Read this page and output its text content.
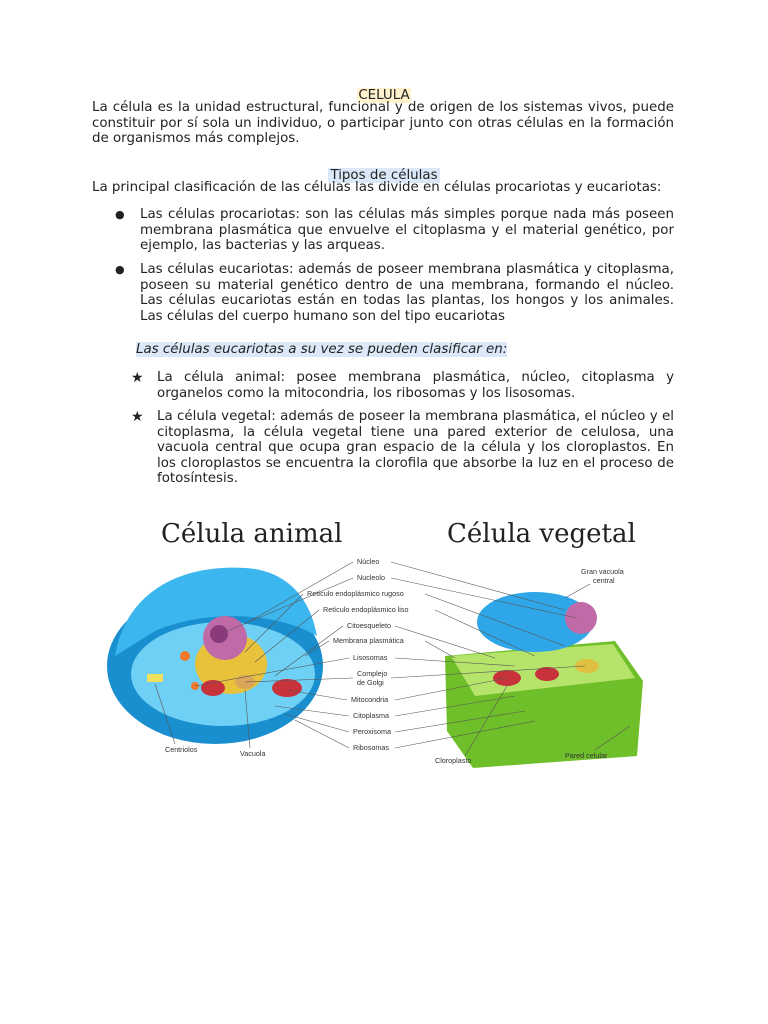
CELULA
La célula es la unidad estructural, funcional y de origen de los sistemas vivos, puede constituir por sí sola un individuo, o participar junto con otras células en la formación de organismos más complejos.
Tipos de células
La principal clasificación de las células las divide en células procariotas y eucariotas:
● Las células procariotas: son las células más simples porque nada más poseen membrana plasmática que envuelve el citoplasma y el material genético, por ejemplo, las bacterias y las arqueas.
● Las células eucariotas: además de poseer membrana plasmática y citoplasma, poseen su material genético dentro de una membrana, formando el núcleo. Las células eucariotas están en todas las plantas, los hongos y los animales. Las células del cuerpo humano son del tipo eucariotas
Las células eucariotas a su vez se pueden clasificar en:
★ La célula animal: posee membrana plasmática, núcleo, citoplasma y organelos como la mitocondria, los ribosomas y los lisosomas.
★ La célula vegetal: además de poseer la membrana plasmática, el núcleo y el citoplasma, la célula vegetal tiene una pared exterior de celulosa, una vacuola central que ocupa gran espacio de la célula y los cloroplastos. En los cloroplastos se encuentra la clorofila que absorbe la luz en el proceso de fotosíntesis.
Célula animal	Célula vegetal
Centriolos	Vacuola
Gran vacuola
central
Cloroplasto
Pared celular
Núcleo
Nucleolo
Retículo endoplásmico rugoso
Retículo endoplásmico liso
Citoesqueleto
Membrana plasmática
Lisosomas
Complejo
de Golgi
Mitocondria
Citoplasma
Peroxisoma
Ribosomas
